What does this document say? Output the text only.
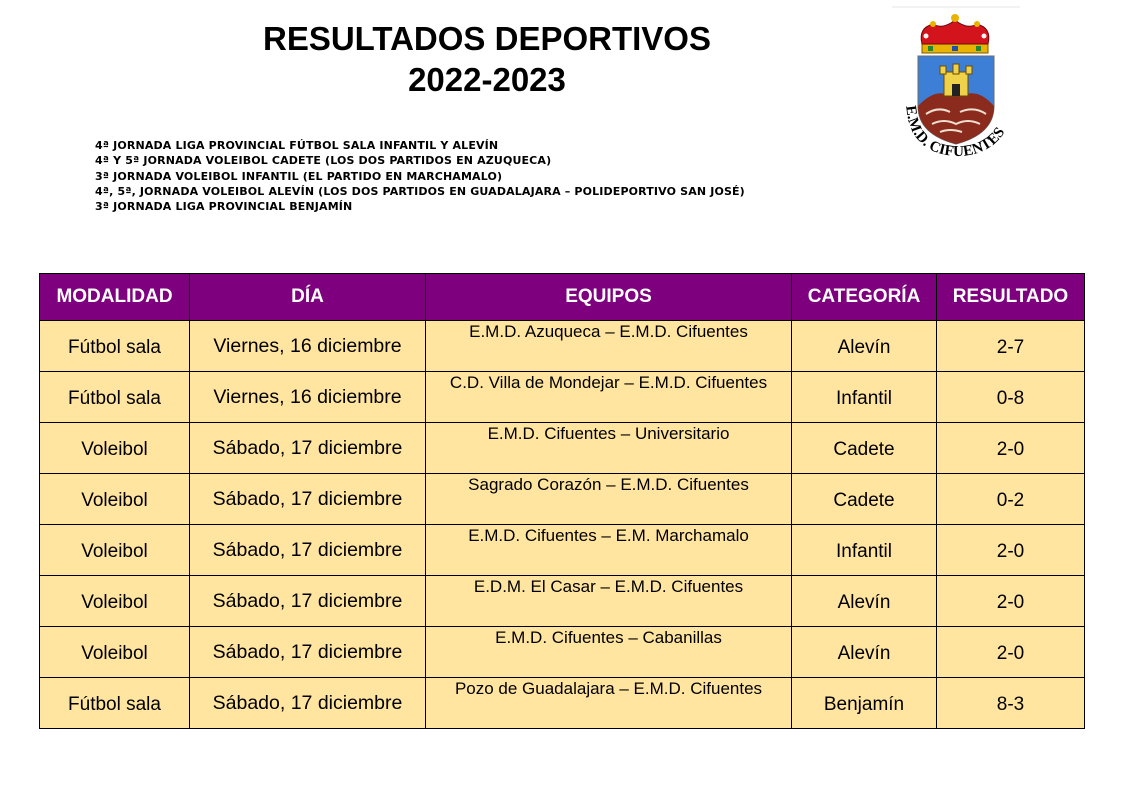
RESULTADOS DEPORTIVOS
2022-2023
E.M.D. CIFUENTES
4ª JORNADA LIGA PROVINCIAL FÚTBOL SALA INFANTIL Y ALEVÍN
4ª Y 5ª JORNADA VOLEIBOL CADETE (LOS DOS PARTIDOS EN AZUQUECA)
3ª JORNADA VOLEIBOL INFANTIL (EL PARTIDO EN MARCHAMALO)
4ª, 5ª, JORNADA VOLEIBOL ALEVÍN (LOS DOS PARTIDOS EN GUADALAJARA – POLIDEPORTIVO SAN JOSÉ)
3ª JORNADA LIGA PROVINCIAL BENJAMÍN
MODALIDAD	DÍA	EQUIPOS	CATEGORÍA	RESULTADO
Fútbol sala	Viernes, 16 diciembre	E.M.D. Azuqueca – E.M.D. Cifuentes	Alevín	2-7
Fútbol sala	Viernes, 16 diciembre	C.D. Villa de Mondejar – E.M.D. Cifuentes	Infantil	0-8
Voleibol	Sábado, 17 diciembre	E.M.D. Cifuentes – Universitario	Cadete	2-0
Voleibol	Sábado, 17 diciembre	Sagrado Corazón – E.M.D. Cifuentes	Cadete	0-2
Voleibol	Sábado, 17 diciembre	E.M.D. Cifuentes – E.M. Marchamalo	Infantil	2-0
Voleibol	Sábado, 17 diciembre	E.D.M. El Casar – E.M.D. Cifuentes	Alevín	2-0
Voleibol	Sábado, 17 diciembre	E.M.D. Cifuentes – Cabanillas	Alevín	2-0
Fútbol sala	Sábado, 17 diciembre	Pozo de Guadalajara – E.M.D. Cifuentes	Benjamín	8-3
